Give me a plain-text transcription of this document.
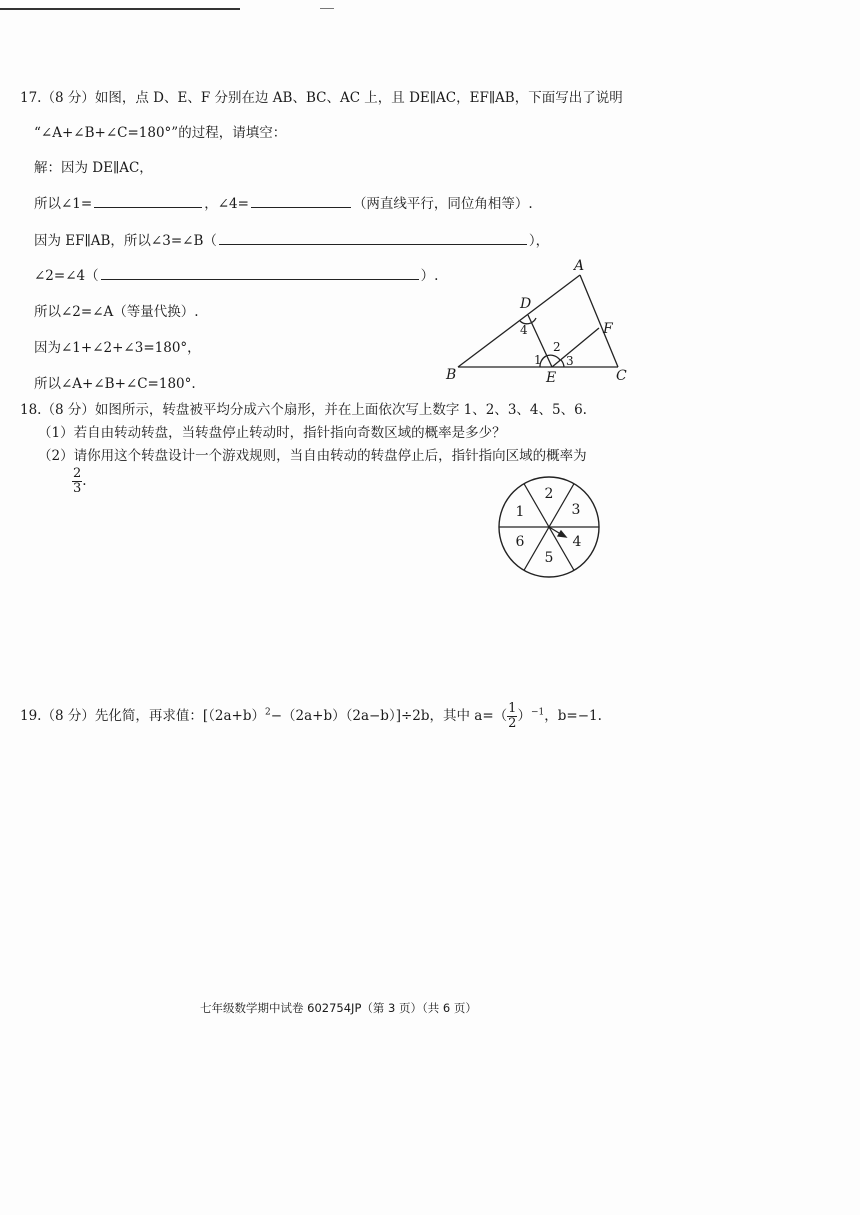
17.（8 分）如图，点 D、E、F 分别在边 AB、BC、AC 上，且 DE∥AC，EF∥AB，下面写出了说明
“∠A+∠B+∠C=180°”的过程，请填空：
解：因为 DE∥AC，
所以∠1=	，∠4=	（两直线平行，同位角相等）.
因为 EF∥AB，所以∠3=∠B（	），
∠2=∠4（	）.
所以∠2=∠A（等量代换）.
因为∠1+∠2+∠3=180°，
所以∠A+∠B+∠C=180°.
A
B	C
D
E
F
4
1
2
3
18.（8 分）如图所示，转盘被平均分成六个扇形，并在上面依次写上数字 1、2、3、4、5、6.
（1）若自由转动转盘，当转盘停止转动时，指针指向奇数区域的概率是多少？
（2）请你用这个转盘设计一个游戏规则，当自由转动的转盘停止后，指针指向区域的概率为
$\frac{2}{3}$ .
1
2
3
4
5
6
19.（8 分）先化简，再求值：$[(2a+b)^2-(2a+b)(2a-b)]\div 2b$，其中 $a=( \frac{1}{2} )^{-1}$，b=−1.
七年级数学期中试卷 602754JP（第 3 页）（共 6 页）
